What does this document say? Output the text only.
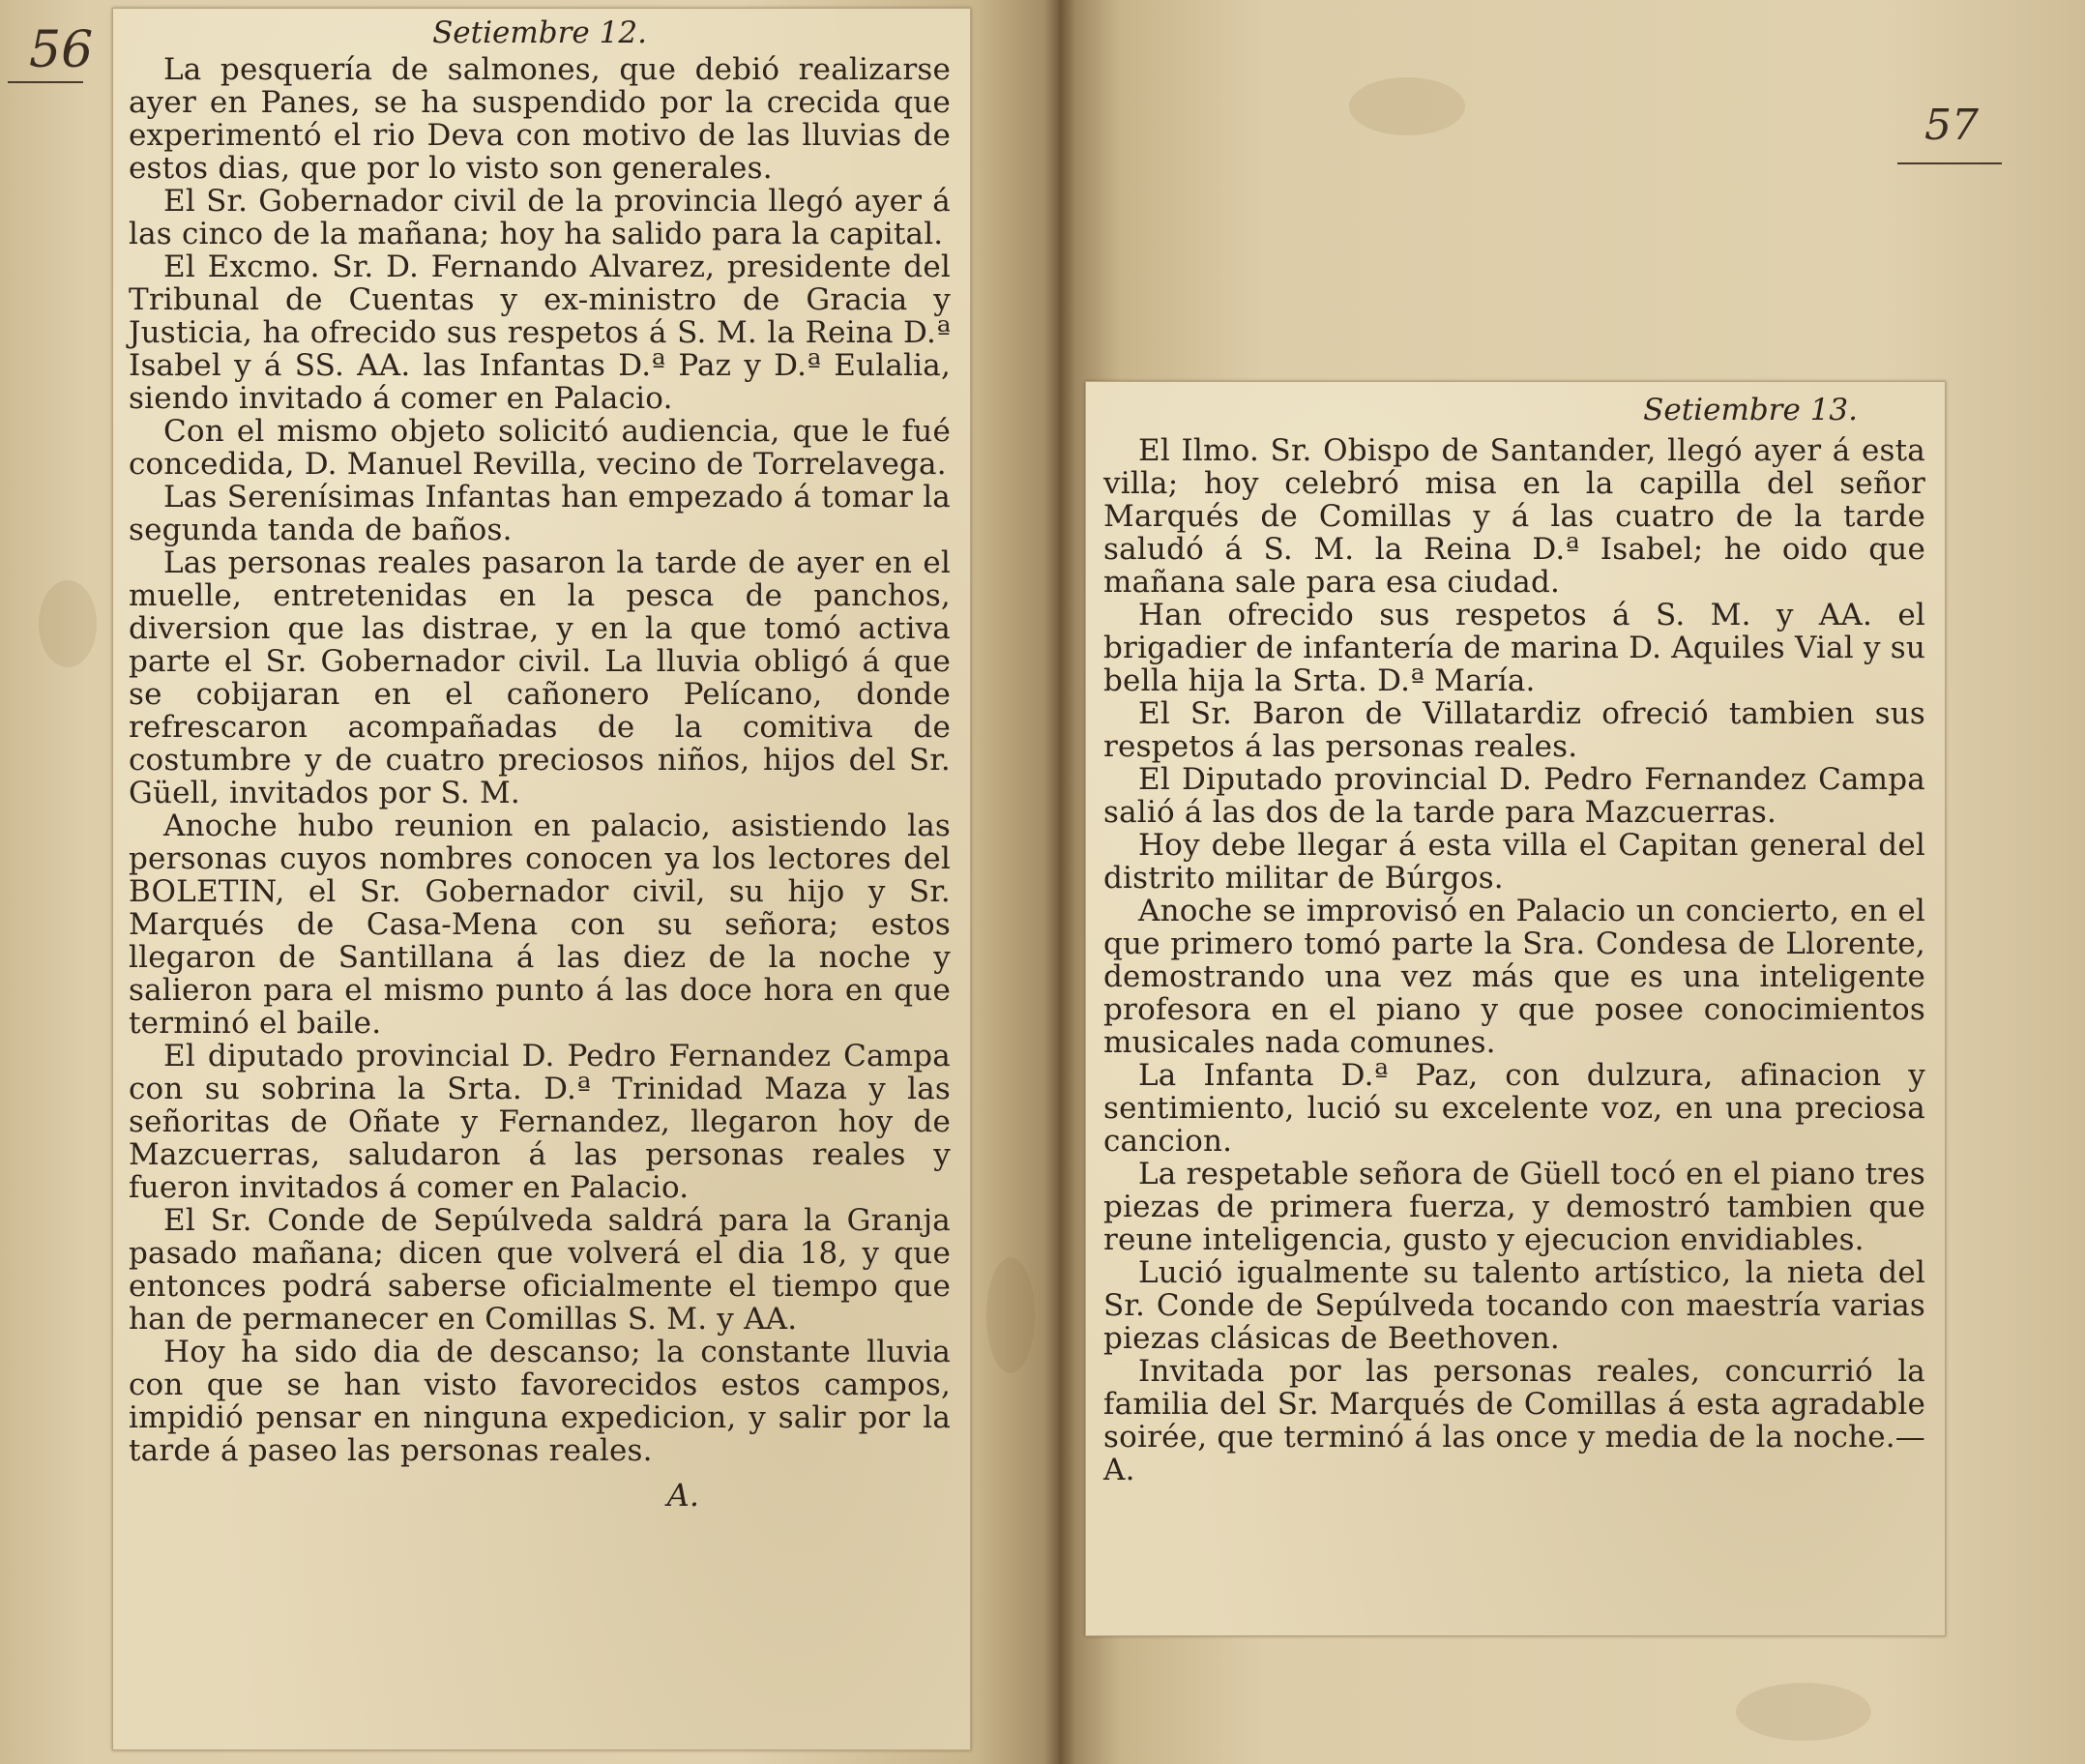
56
57
Setiembre 12.

La pesquería de salmones, que debió realizarse ayer en Panes, se ha suspendido por la crecida que experimentó el rio Deva con motivo de las lluvias de estos dias, que por lo visto son generales.

El Sr. Gobernador civil de la provincia llegó ayer á las cinco de la mañana; hoy ha salido para la capital.

El Excmo. Sr. D. Fernando Alvarez, presidente del Tribunal de Cuentas y ex-ministro de Gracia y Justicia, ha ofrecido sus respetos á S. M. la Reina D.ª Isabel y á SS. AA. las Infantas D.ª Paz y D.ª Eulalia, siendo invitado á comer en Palacio.

Con el mismo objeto solicitó audiencia, que le fué concedida, D. Manuel Revilla, vecino de Torrelavega.

Las Serenísimas Infantas han empezado á tomar la segunda tanda de baños.

Las personas reales pasaron la tarde de ayer en el muelle, entretenidas en la pesca de panchos, diversion que las distrae, y en la que tomó activa parte el Sr. Gobernador civil. La lluvia obligó á que se cobijaran en el cañonero Pelícano, donde refrescaron acompañadas de la comitiva de costumbre y de cuatro preciosos niños, hijos del Sr. Güell, invitados por S. M.

Anoche hubo reunion en palacio, asistiendo las personas cuyos nombres conocen ya los lectores del BOLETIN, el Sr. Gobernador civil, su hijo y Sr. Marqués de Casa-Mena con su señora; estos llegaron de Santillana á las diez de la noche y salieron para el mismo punto á las doce hora en que terminó el baile.

El diputado provincial D. Pedro Fernandez Campa con su sobrina la Srta. D.ª Trinidad Maza y las señoritas de Oñate y Fernandez, llegaron hoy de Mazcuerras, saludaron á las personas reales y fueron invitados á comer en Palacio.

El Sr. Conde de Sepúlveda saldrá para la Granja pasado mañana; dicen que volverá el dia 18, y que entonces podrá saberse oficialmente el tiempo que han de permanecer en Comillas S. M. y AA.

Hoy ha sido dia de descanso; la constante lluvia con que se han visto favorecidos estos campos, impidió pensar en ninguna expedicion, y salir por la tarde á paseo las personas reales.

A.
Setiembre 13.

El Ilmo. Sr. Obispo de Santander, llegó ayer á esta villa; hoy celebró misa en la capilla del señor Marqués de Comillas y á las cuatro de la tarde saludó á S. M. la Reina D.ª Isabel; he oido que mañana sale para esa ciudad.

Han ofrecido sus respetos á S. M. y AA. el brigadier de infantería de marina D. Aquiles Vial y su bella hija la Srta. D.ª María.

El Sr. Baron de Villatardiz ofreció tambien sus respetos á las personas reales.

El Diputado provincial D. Pedro Fernandez Campa salió á las dos de la tarde para Mazcuerras.

Hoy debe llegar á esta villa el Capitan general del distrito militar de Búrgos.

Anoche se improvisó en Palacio un concierto, en el que primero tomó parte la Sra. Condesa de Llorente, demostrando una vez más que es una inteligente profesora en el piano y que posee conocimientos musicales nada comunes.

La Infanta D.ª Paz, con dulzura, afinacion y sentimiento, lució su excelente voz, en una preciosa cancion.

La respetable señora de Güell tocó en el piano tres piezas de primera fuerza, y demostró tambien que reune inteligencia, gusto y ejecucion envidiables.

Lució igualmente su talento artístico, la nieta del Sr. Conde de Sepúlveda tocando con maestría varias piezas clásicas de Beethoven.

Invitada por las personas reales, concurrió la familia del Sr. Marqués de Comillas á esta agradable soirée, que terminó á las once y media de la noche.—A.
